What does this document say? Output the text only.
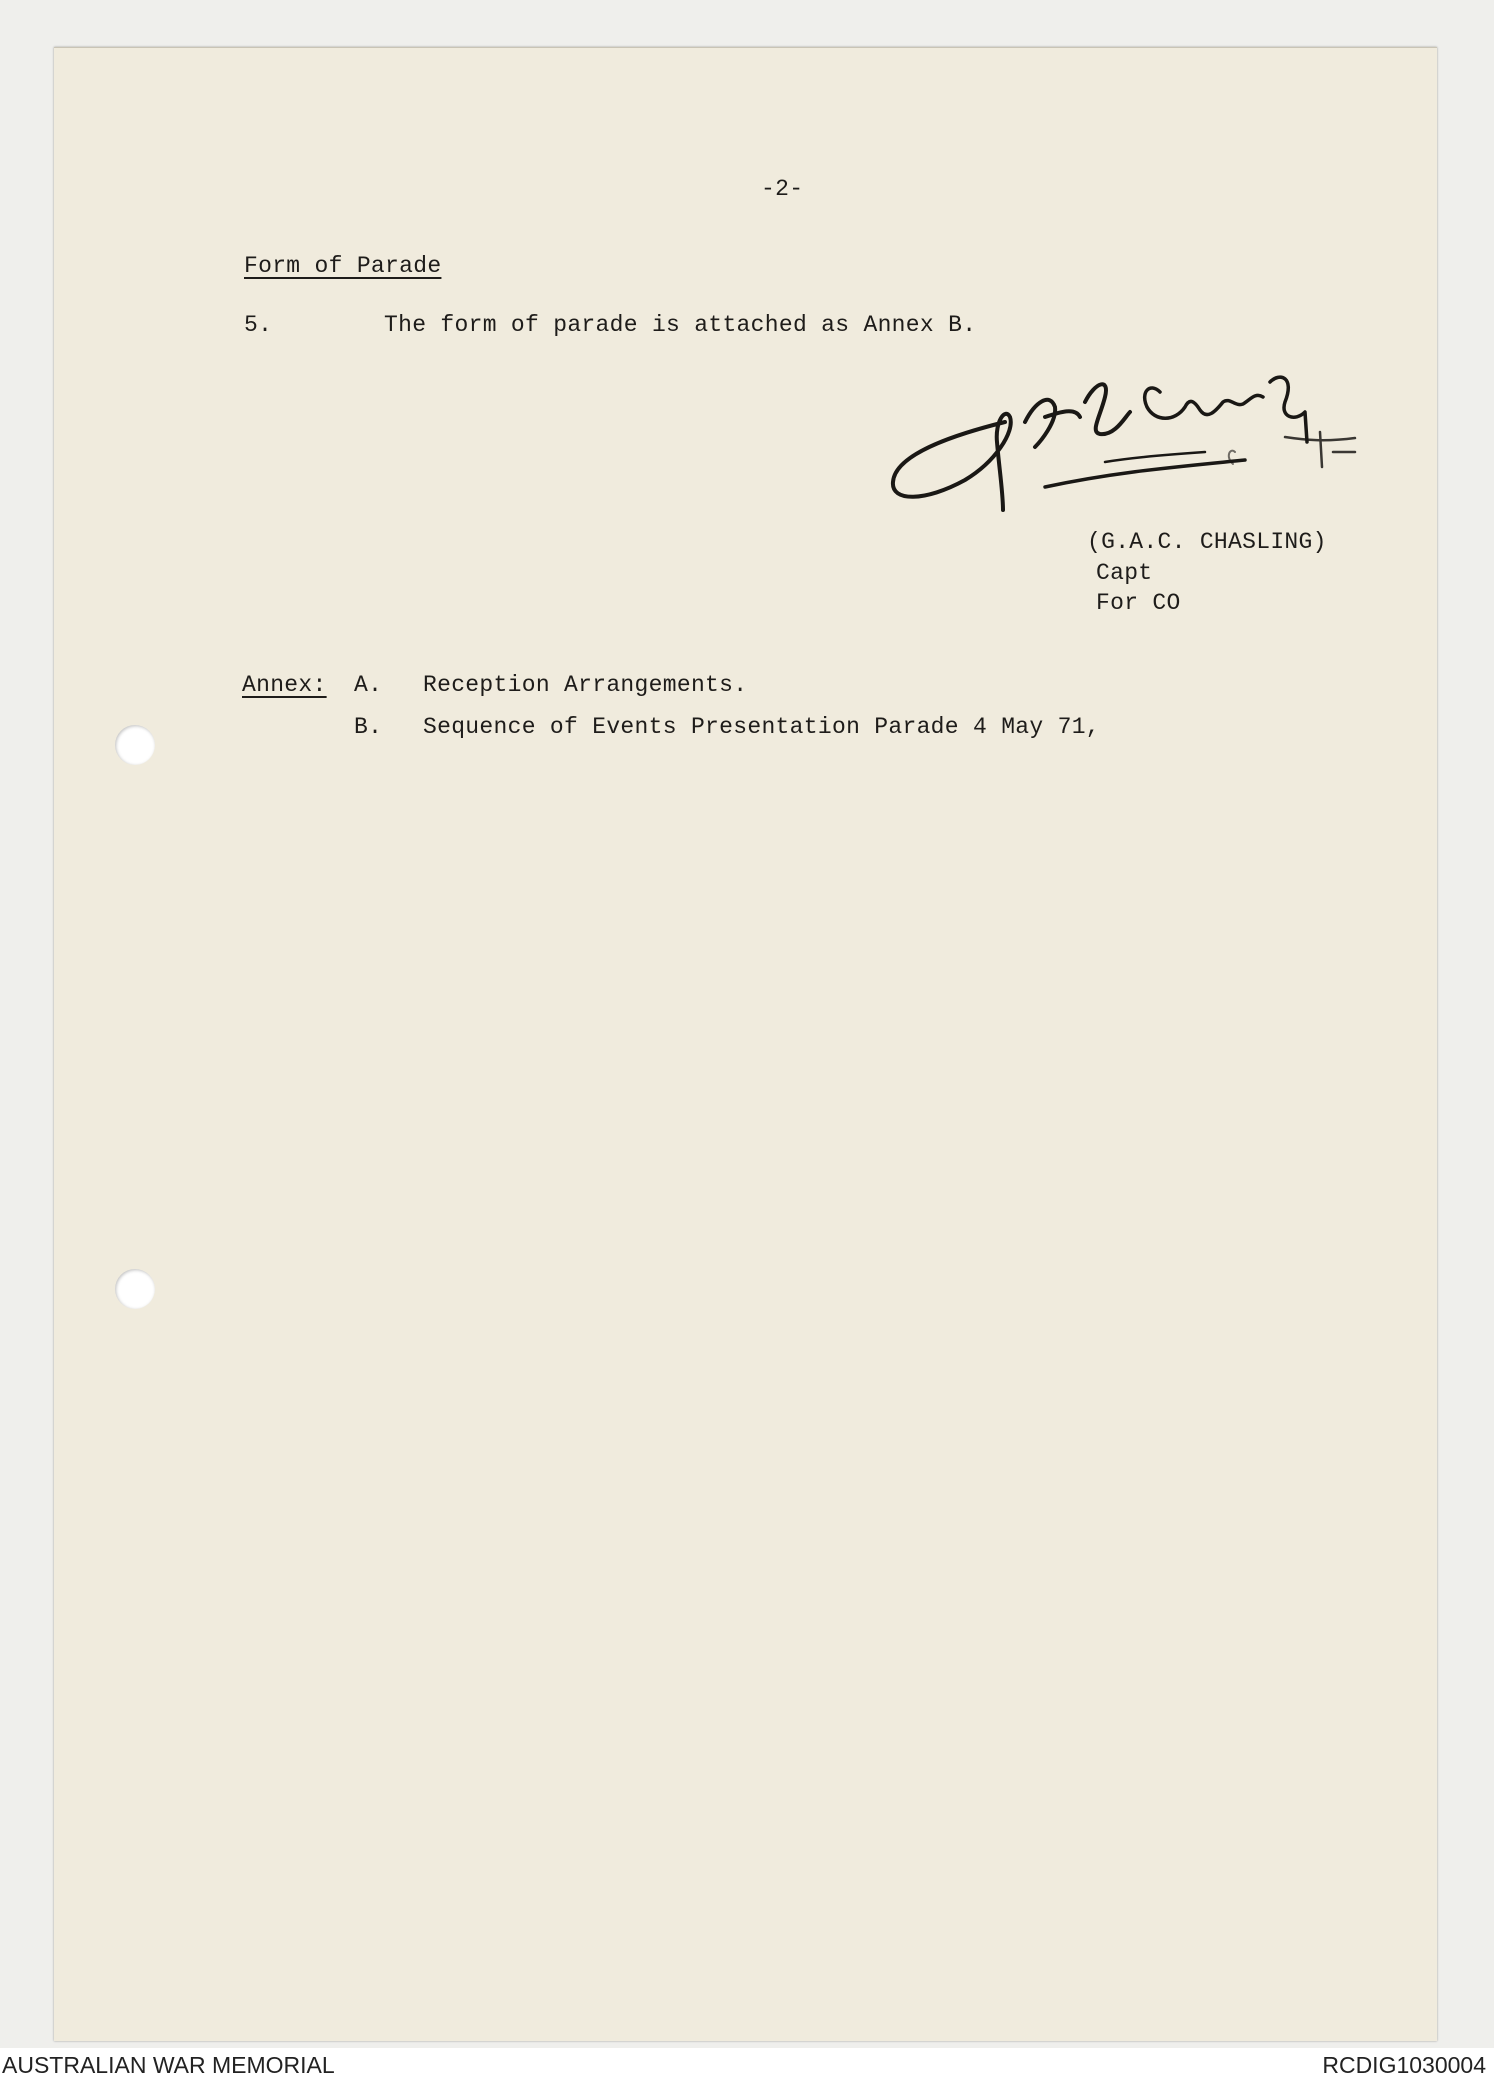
-2-
Form of Parade
5.	The form of parade is attached as Annex B.
(G.A.C. CHASLING)
Capt
For CO
Annex: A. Reception Arrangements.
B. Sequence of Events Presentation Parade 4 May 71,
AUSTRALIAN WAR MEMORIAL	RCDIG1030004
